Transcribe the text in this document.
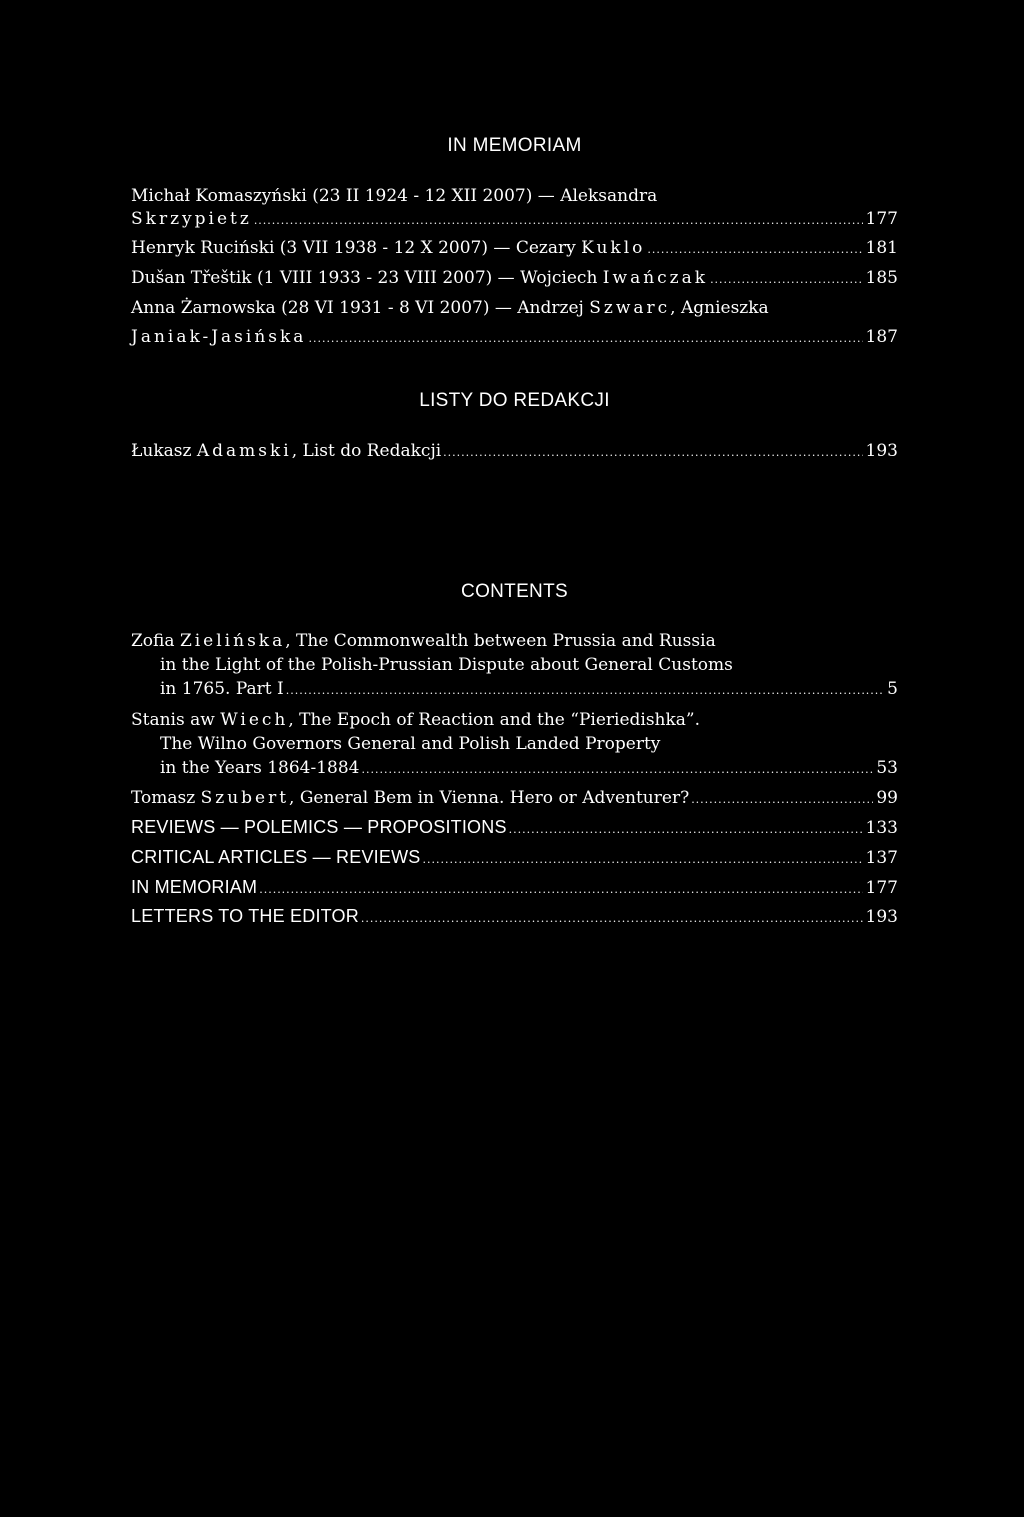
IN MEMORIAM
Michał Komaszyński (23 II 1924 - 12 XII 2007) — Aleksandra
Skrzypietz .....	177
Henryk Ruciński (3 VII 1938 - 12 X 2007) — Cezary Kuklo .....	181
Dušan Třeštik (1 VIII 1933 - 23 VIII 2007) — Wojciech Iwańczak .....	185
Anna Żarnowska (28 VI 1931 - 8 VI 2007) — Andrzej Szwarc, Agnieszka
Janiak-Jasińska .....	187
LISTY DO REDAKCJI
Łukasz Adamski, List do Redakcji .....	193
CONTENTS
Zofia Zielińska, The Commonwealth between Prussia and Russia
in the Light of the Polish-Prussian Dispute about General Customs
in 1765. Part I .....	5
Stanis aw Wiech, The Epoch of Reaction and the “Pieriedishka”.
The Wilno Governors General and Polish Landed Property
in the Years 1864-1884 .....	53
Tomasz Szubert, General Bem in Vienna. Hero or Adventurer? .....	99
REVIEWS — POLEMICS — PROPOSITIONS .....	133
CRITICAL ARTICLES — REVIEWS .....	137
IN MEMORIAM .....	177
LETTERS TO THE EDITOR .....	193
